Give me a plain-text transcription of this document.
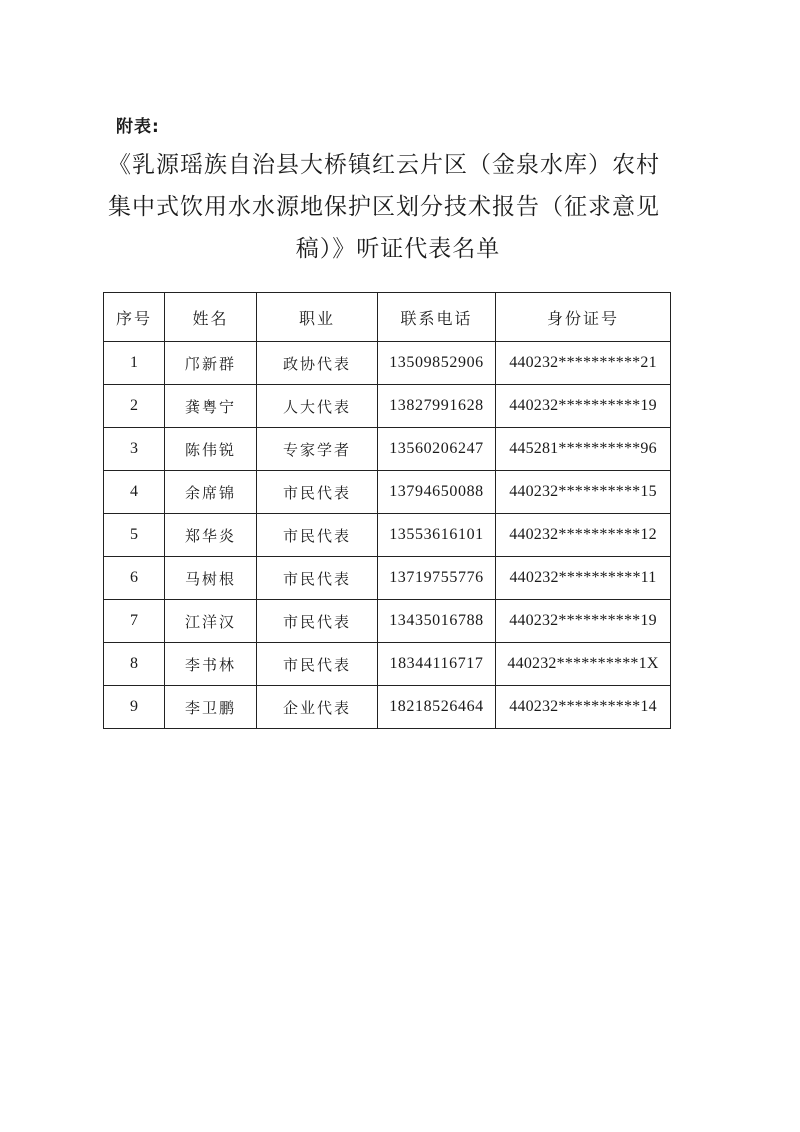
附表:
《乳源瑶族自治县大桥镇红云片区（金泉水库）农村
集中式饮用水水源地保护区划分技术报告（征求意见
稿）》听证代表名单
序号	姓名	职业	联系电话	身份证号
1	邝新群	政协代表	13509852906	440232**********21
2	龚粤宁	人大代表	13827991628	440232**********19
3	陈伟锐	专家学者	13560206247	445281**********96
4	余席锦	市民代表	13794650088	440232**********15
5	郑华炎	市民代表	13553616101	440232**********12
6	马树根	市民代表	13719755776	440232**********11
7	江洋汉	市民代表	13435016788	440232**********19
8	李书林	市民代表	18344116717	440232**********1X
9	李卫鹏	企业代表	18218526464	440232**********14
